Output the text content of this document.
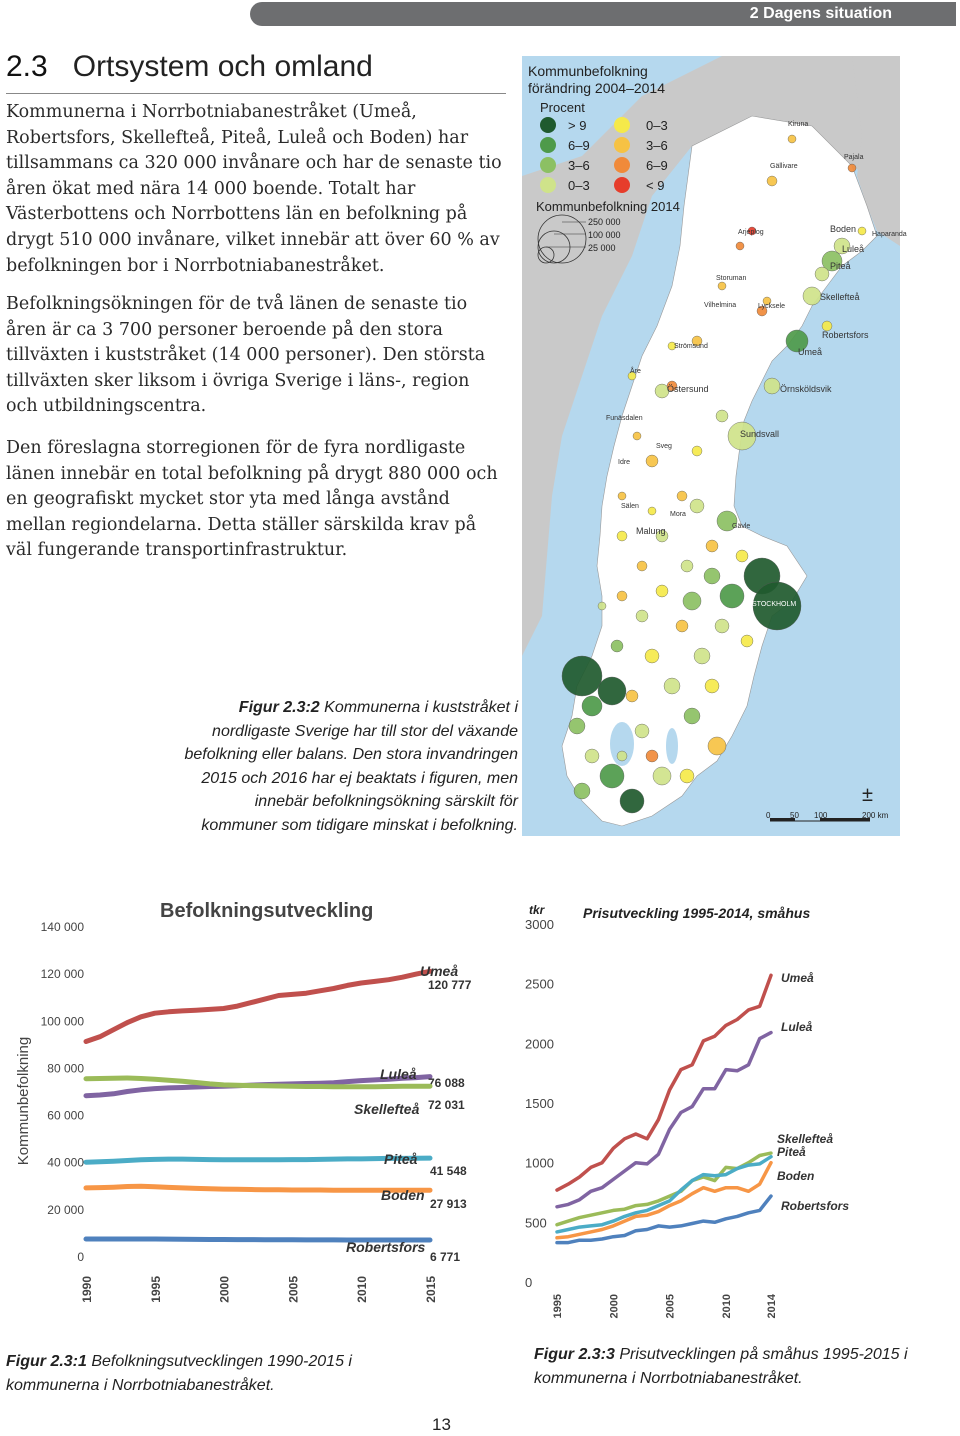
2 Dagens situation
2.3 Ortsystem och omland
Kommunerna i Norrbotniabanestråket (Umeå, Robertsfors, Skellefteå, Piteå, Luleå och Boden) har tillsammans ca 320 000 invånare och har de senaste tio åren ökat med nära 14 000 boende. Totalt har Västerbottens och Norrbottens län en befolkning på drygt 510 000 invånare, vilket innebär att över 60 % av befolkningen bor i Norrbotniabanestråket.
Befolkningsökningen för de två länen de senaste tio åren är ca 3 700 personer beroende på den stora tillväxten i kuststråket (14 000 personer). Den största tillväxten sker liksom i övriga Sverige i läns-, region och utbildningscentra.
Den föreslagna storregionen för de fyra nordligaste länen innebär en total befolkning på drygt 880 000 och en geografiskt mycket stor yta med långa avstånd mellan regiondelarna. Detta ställer särskilda krav på väl fungerande transportinfrastruktur.
Kiruna
Pajala
Gällivare
Arjeplog	Boden
Haparanda
Luleå
Piteå
Storuman
Skellefteå
Vilhelmina	Lycksele
Robertsfors
Strömsund
Umeå
Åre
Östersund	Örnsköldsvik
Funäsdalen
Sundsvall
Sveg
Idre
Sälen
Mora
Gävle
Malung
STOCKHOLM
Kommunbefolkning
förändring 2004–2014
Procent
> 9
6–9
3–6
0–3
0–3
3–6
6–9
< 9
Kommunbefolkning 2014
250 000
100 000
25 000
±
0 50 100	200 km
Figur 2.3:2 Kommunerna i kuststråket i nordligaste Sverige har till stor del växande befolkning eller balans. Den stora invandringen 2015 och 2016 har ej beaktats i figuren, men innebär befolkningsökning särskilt för kommuner som tidigare minskat i befolkning.
Befolkningsutveckling
Kommunbefolkning
0
20 000
40 000
60 000
80 000
100 000
120 000
140 000
1990	1995	2000	2005	2010	2015
Umeå
120 777
Luleå
76 088
Skellefteå 72 031
Piteå
41 548
Boden
27 913
Robertsfors
6 771
Prisutveckling 1995-2014, småhus
tkr
0
500
1000
1500
2000
2500
3000
1995	2000	2005	2010	2014
Umeå
Luleå
Skellefteå
Piteå
Boden
Robertsfors
Figur 2.3:1 Befolkningsutvecklingen 1990-2015 i kommunerna i Norrbotniabanestråket.
Figur 2.3:3 Prisutvecklingen på småhus 1995-2015 i kommunerna i Norrbotniabanestråket.
13
